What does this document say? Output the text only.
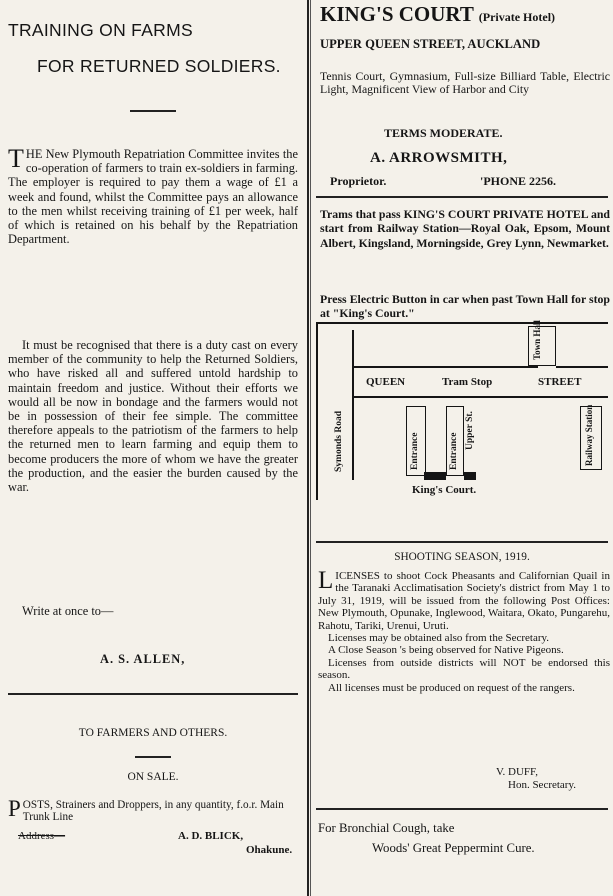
TRAINING ON FARMS
FOR RETURNED SOLDIERS.
THE New Plymouth Repatriation Committee invites the co-operation of farmers to train ex-soldiers in farming. The employer is required to pay them a wage of £1 a week and found, whilst the Committee pays an allowance to the men whilst receiving training of £1 per week, half of which is retained on his behalf by the Repatriation Department.
It must be recognised that there is a duty cast on every member of the community to help the Returned Soldiers, who have risked all and suffered untold hardship to maintain freedom and justice. Without their efforts we would all be now in bondage and the farmers would not be in possession of their fee simple. The committee therefore appeals to the patriotism of the farmers to help the returned men to learn farming and equip them to become producers the more of whom we have the greater the production, and the easier the burden caused by the war.
Write at once to—
A. S. ALLEN,
TO FARMERS AND OTHERS.
ON SALE.
POSTS, Strainers and Droppers, in any quantity, f.o.r. Main Trunk Line
Address—	A. D. BLICK,
Ohakune.
KING'S COURT (Private Hotel)
UPPER QUEEN STREET, AUCKLAND
Tennis Court, Gymnasium, Full-size Billiard Table, Electric Light, Magnificent View of Harbor and City
TERMS MODERATE.
A. ARROWSMITH,
Proprietor.	'PHONE 2256.
Trams that pass KING'S COURT PRIVATE HOTEL and start from Railway Station—Royal Oak, Epsom, Mount Albert, Kingsland, Morningside, Grey Lynn, Newmarket.
Press Electric Button in car when past Town Hall for stop at "King's Court."
Symonds Road
QUEEN	Tram Stop	STREET
Town Hall
Entrance	Entrance
Upper St.
King's Court.
Railway Station
SHOOTING SEASON, 1919.

LICENSES to shoot Cock Pheasants and Californian Quail in the Taranaki Acclimatisation Society's district from May 1 to July 31, 1919, will be issued from the following Post Offices: New Plymouth, Opunake, Inglewood, Waitara, Okato, Pungarehu, Rahotu, Tariki, Urenui, Uruti.

Licenses may be obtained also from the Secretary.

A Close Season 's being observed for Native Pigeons.

Licenses from outside districts will NOT be endorsed this season.

All licenses must be produced on request of the rangers.

V. DUFF,
Hon. Secretary.
For Bronchial Cough, take
Woods' Great Peppermint Cure.
